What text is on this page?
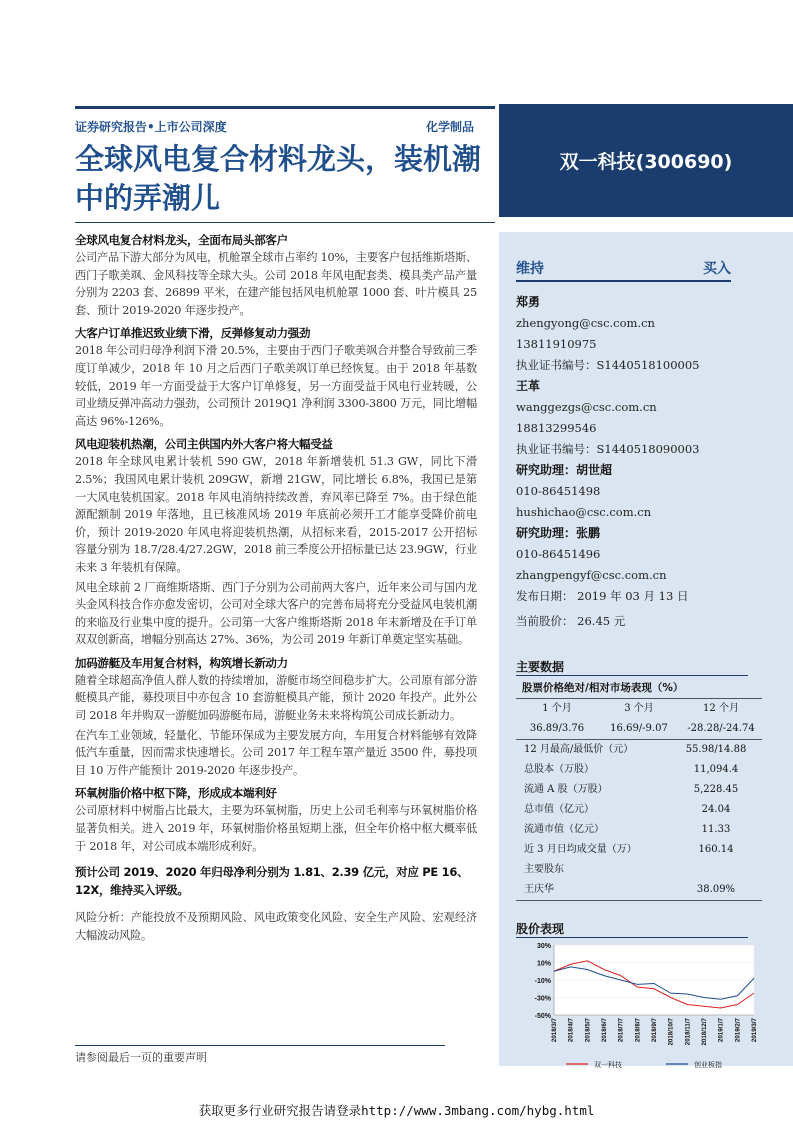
证券研究报告•上市公司深度	化学制品
全球风电复合材料龙头，装机潮中的弄潮儿
双一科技(300690)

全球风电复合材料龙头，全面布局头部客户

公司产品下游大部分为风电，机舱罩全球市占率约 10%，主要客户包括维斯塔斯、西门子歌美飒、金风科技等全球大头。公司 2018 年风电配套类、模具类产品产量分别为 2203 套、26899 平米，在建产能包括风电机舱罩 1000 套、叶片模具 25 套、预计 2019-2020 年逐步投产。

大客户订单推迟致业绩下滑，反弹修复动力强劲

2018 年公司归母净利润下滑 20.5%，主要由于西门子歌美飒合并整合导致前三季度订单减少，2018 年 10 月之后西门子歌美飒订单已经恢复。由于 2018 年基数较低，2019 年一方面受益于大客户订单修复，另一方面受益于风电行业转暖，公司业绩反弹冲高动力强劲，公司预计 2019Q1 净利润 3300-3800 万元，同比增幅高达 96%-126%。

风电迎装机热潮，公司主供国内外大客户将大幅受益

2018 年全球风电累计装机 590 GW，2018 年新增装机 51.3 GW，同比下滑 2.5%；我国风电累计装机 209GW，新增 21GW，同比增长 6.8%，我国已是第一大风电装机国家。2018 年风电消纳持续改善，弃风率已降至 7%。由于绿色能源配额制 2019 年落地，且已核准风场 2019 年底前必须开工才能享受降价前电价，预计 2019-2020 年风电将迎装机热潮，从招标来看，2015-2017 公开招标容量分别为 18.7/28.4/27.2GW，2018 前三季度公开招标量已达 23.9GW，行业未来 3 年装机有保障。

风电全球前 2 厂商维斯塔斯、西门子分别为公司前两大客户，近年来公司与国内龙头金风科技合作亦愈发密切，公司对全球大客户的完善布局将充分受益风电装机潮的来临及行业集中度的提升。公司第一大客户维斯塔斯 2018 年末新增及在手订单双双创新高，增幅分别高达 27%、36%，为公司 2019 年新订单奠定坚实基础。

加码游艇及车用复合材料，构筑增长新动力

随着全球超高净值人群人数的持续增加，游艇市场空间稳步扩大。公司原有部分游艇模具产能，募投项目中亦包含 10 套游艇模具产能，预计 2020 年投产。此外公司 2018 年并购双一游艇加码游艇布局，游艇业务未来将构筑公司成长新动力。

在汽车工业领域，轻量化、节能环保成为主要发展方向，车用复合材料能够有效降低汽车重量，因而需求快速增长。公司 2017 年工程车罩产量近 3500 件，募投项目 10 万件产能预计 2019-2020 年逐步投产。

环氧树脂价格中枢下降，形成成本端利好

公司原材料中树脂占比最大，主要为环氧树脂，历史上公司毛利率与环氧树脂价格显著负相关。进入 2019 年，环氧树脂价格虽短期上涨，但全年价格中枢大概率低于 2018 年，对公司成本端形成利好。

预计公司 2019、2020 年归母净利分别为 1.81、2.39 亿元，对应 PE 16、12X，维持买入评级。

风险分析：产能投放不及预期风险、风电政策变化风险、安全生产风险、宏观经济大幅波动风险。

请参阅最后一页的重要声明
获取更多行业研究报告请登录http://www.3mbang.com/hybg.html
维持	买入
郑勇
zhengyong@csc.com.cn
13811910975
执业证书编号：S1440518100005
王革
wanggezgs@csc.com.cn
18813299546
执业证书编号：S1440518090003
研究助理：胡世超
010-86451498
hushichao@csc.com.cn
研究助理：张鹏
010-86451496
zhangpengyf@csc.com.cn
发布日期： 2019 年 03 月 13 日
当前股价： 26.45 元
主要数据
股票价格绝对/相对市场表现（%）
1 个月	3 个月	12 个月
36.89/3.76	16.69/-9.07	-28.28/-24.74
12 月最高/最低价（元）	55.98/14.88
总股本（万股）	11,094.4
流通 A 股（万股）	5,228.45
总市值（亿元）	24.04
流通市值（亿元）	11.33
近 3 月日均成交量（万）	160.14
主要股东
王庆华	38.09%
股价表现
30%
10%
-10%
-30%
-50%
2018/3/7 2018/4/7 2018/5/7 2018/6/7 2018/7/7 2018/8/7 2018/9/7 2018/10/7 2018/11/7 2018/12/7 2019/1/7 2019/2/7 2019/3/7
双一科技	创业板指
